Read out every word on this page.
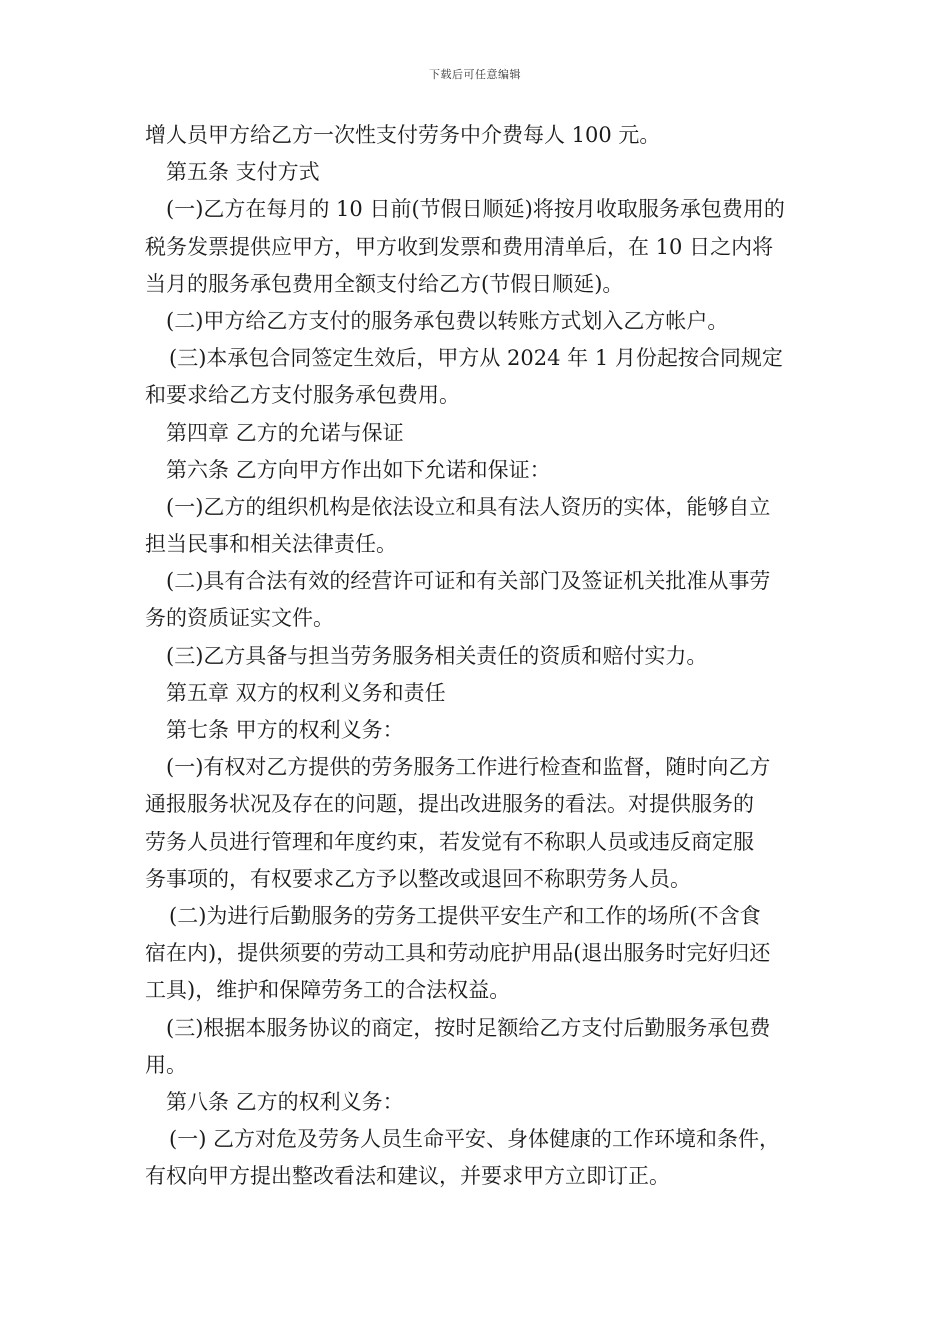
下载后可任意编辑
增人员甲方给乙方一次性支付劳务中介费每人 100 元。
第五条 支付方式
(一)乙方在每月的 10 日前(节假日顺延)将按月收取服务承包费用的
税务发票提供应甲方，甲方收到发票和费用清单后，在 10 日之内将
当月的服务承包费用全额支付给乙方(节假日顺延)。
(二)甲方给乙方支付的服务承包费以转账方式划入乙方帐户。
(三)本承包合同签定生效后，甲方从 2024 年 1 月份起按合同规定
和要求给乙方支付服务承包费用。
第四章 乙方的允诺与保证
第六条 乙方向甲方作出如下允诺和保证：
(一)乙方的组织机构是依法设立和具有法人资历的实体，能够自立
担当民事和相关法律责任。
(二)具有合法有效的经营许可证和有关部门及签证机关批准从事劳
务的资质证实文件。
(三)乙方具备与担当劳务服务相关责任的资质和赔付实力。
第五章 双方的权利义务和责任
第七条 甲方的权利义务：
(一)有权对乙方提供的劳务服务工作进行检查和监督，随时向乙方
通报服务状况及存在的问题，提出改进服务的看法。对提供服务的
劳务人员进行管理和年度约束，若发觉有不称职人员或违反商定服
务事项的，有权要求乙方予以整改或退回不称职劳务人员。
(二)为进行后勤服务的劳务工提供平安生产和工作的场所(不含食
宿在内)，提供须要的劳动工具和劳动庇护用品(退出服务时完好归还
工具)，维护和保障劳务工的合法权益。
(三)根据本服务协议的商定，按时足额给乙方支付后勤服务承包费
用。
第八条 乙方的权利义务：
(一) 乙方对危及劳务人员生命平安、身体健康的工作环境和条件，
有权向甲方提出整改看法和建议，并要求甲方立即订正。
